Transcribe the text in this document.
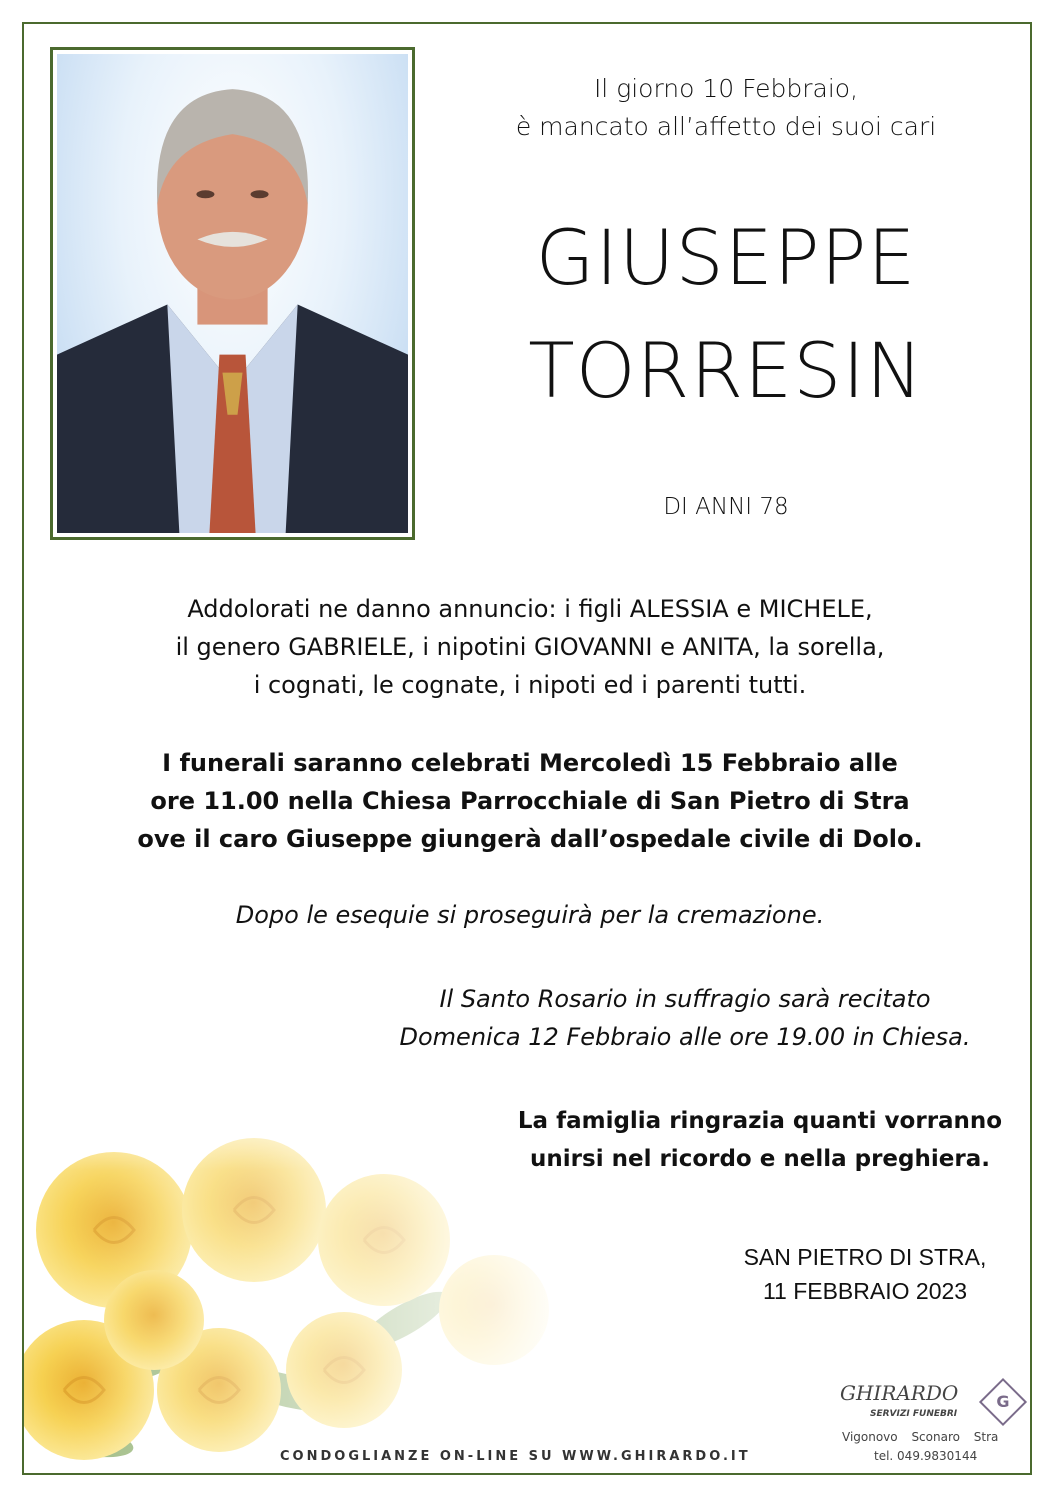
Il giorno 10 Febbraio,
è mancato all’affetto dei suoi cari

GIUSEPPE

TORRESIN

DI ANNI 78

Addolorati ne danno annuncio: i figli ALESSIA e MICHELE,
il genero GABRIELE, i nipotini GIOVANNI e ANITA, la sorella,
i cognati, le cognate, i nipoti ed i parenti tutti.

I funerali saranno celebrati Mercoledì 15 Febbraio alle
ore 11.00 nella Chiesa Parrocchiale di San Pietro di Stra
ove il caro Giuseppe giungerà dall’ospedale civile di Dolo.

Dopo le esequie si proseguirà per la cremazione.

Il Santo Rosario in suffragio sarà recitato
Domenica 12 Febbraio alle ore 19.00 in Chiesa.

La famiglia ringrazia quanti vorranno
unirsi nel ricordo e nella preghiera.

SAN PIETRO DI STRA,
11 FEBBRAIO 2023

CONDOGLIANZE ON-LINE SU WWW.GHIRARDO.IT
GHIRARDO
SERVIZI FUNEBRI
G
Vigonovo Sconaro Stra
tel. 049.9830144
